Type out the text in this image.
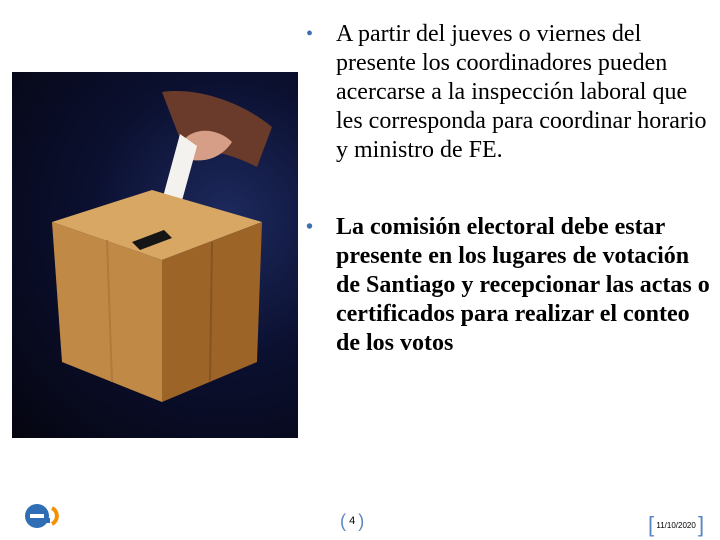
• A partir del jueves o viernes del presente los coordinadores pueden acercarse a la inspección laboral que les corresponda para coordinar horario y ministro de FE.
• La comisión electoral debe estar presente en los lugares de votación de Santiago y recepcionar las actas o certificados para realizar el conteo de los votos
( 4 )	[ 11/10/2020 ]
